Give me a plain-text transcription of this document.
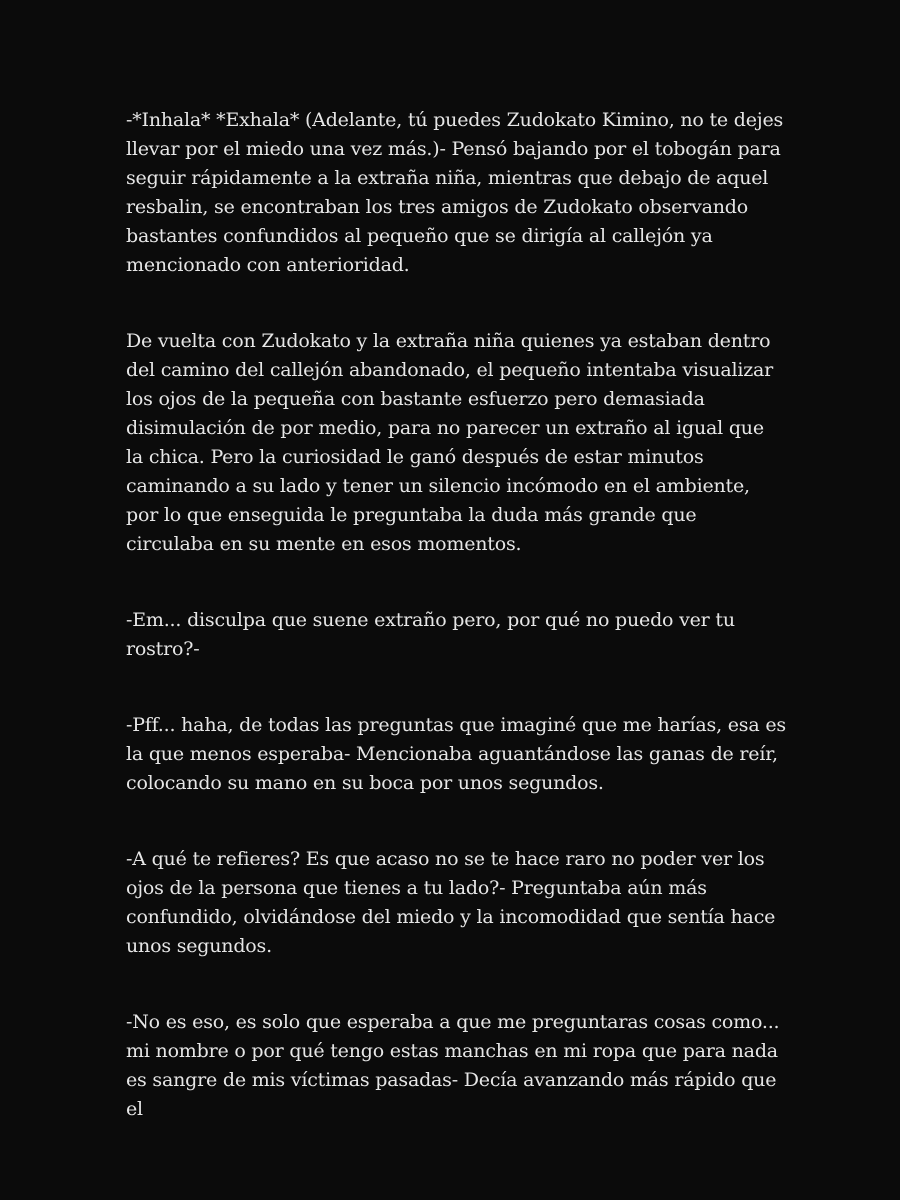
-*Inhala* *Exhala* (Adelante, tú puedes Zudokato Kimino, no te dejes llevar por el miedo una vez más.)- Pensó bajando por el tobogán para seguir rápidamente a la extraña niña, mientras que debajo de aquel resbalin, se encontraban los tres amigos de Zudokato observando bastantes confundidos al pequeño que se dirigía al callejón ya mencionado con anterioridad.

De vuelta con Zudokato y la extraña niña quienes ya estaban dentro del camino del callejón abandonado, el pequeño intentaba visualizar los ojos de la pequeña con bastante esfuerzo pero demasiada disimulación de por medio, para no parecer un extraño al igual que la chica. Pero la curiosidad le ganó después de estar minutos caminando a su lado y tener un silencio incómodo en el ambiente, por lo que enseguida le preguntaba la duda más grande que circulaba en su mente en esos momentos.

-Em... disculpa que suene extraño pero, por qué no puedo ver tu rostro?-

-Pff... haha, de todas las preguntas que imaginé que me harías, esa es la que menos esperaba- Mencionaba aguantándose las ganas de reír, colocando su mano en su boca por unos segundos.

-A qué te refieres? Es que acaso no se te hace raro no poder ver los ojos de la persona que tienes a tu lado?- Preguntaba aún más confundido, olvidándose del miedo y la incomodidad que sentía hace unos segundos.

-No es eso, es solo que esperaba a que me preguntaras cosas como... mi nombre o por qué tengo estas manchas en mi ropa que para nada es sangre de mis víctimas pasadas- Decía avanzando más rápido que el
